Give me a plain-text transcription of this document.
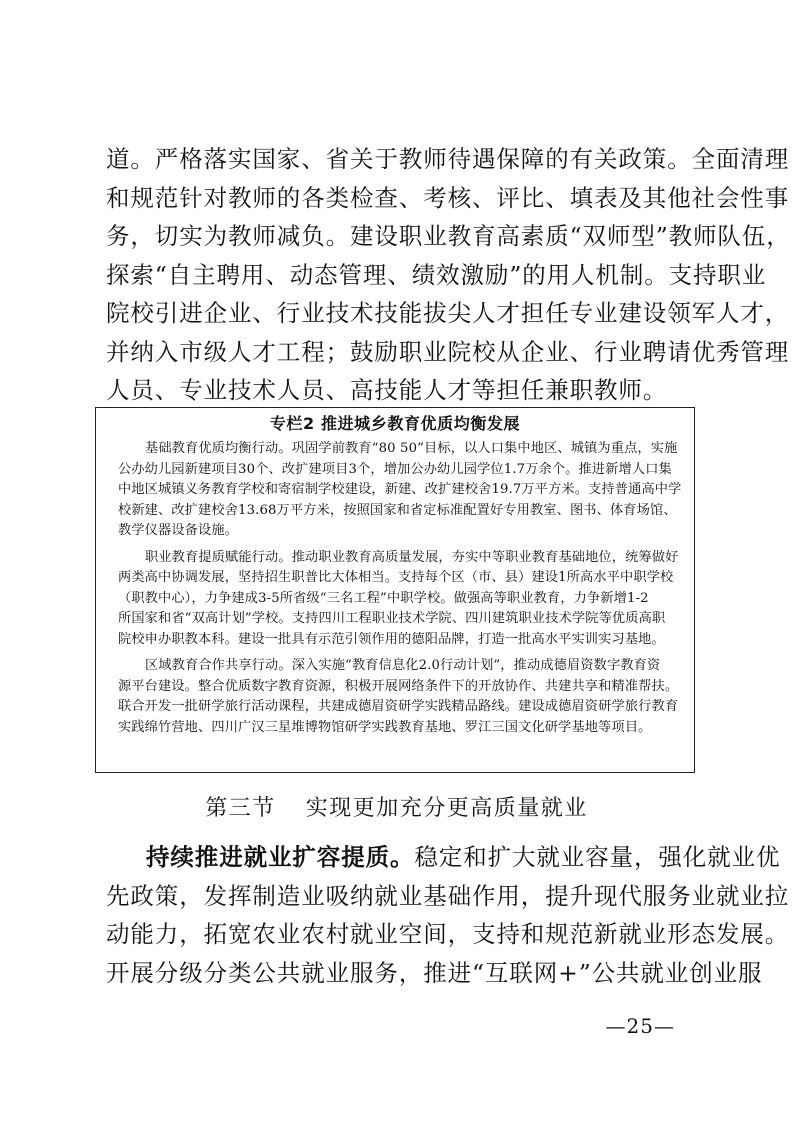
道。严格落实国家、省关于教师待遇保障的有关政策。全面清理
和规范针对教师的各类检查、考核、评比、填表及其他社会性事
务，切实为教师减负。建设职业教育高素质“双师型”教师队伍，
探索“自主聘用、动态管理、绩效激励”的用人机制。支持职业
院校引进企业、行业技术技能拔尖人才担任专业建设领军人才，
并纳入市级人才工程；鼓励职业院校从企业、行业聘请优秀管理
人员、专业技术人员、高技能人才等担任兼职教师。
专栏2 推进城乡教育优质均衡发展
基础教育优质均衡行动。巩固学前教育“80 50”目标，以人口集中地区、城镇为重点，实施
公办幼儿园新建项目30个、改扩建项目3个，增加公办幼儿园学位1.7万余个。推进新增人口集
中地区城镇义务教育学校和寄宿制学校建设，新建、改扩建校舍19.7万平方米。支持普通高中学
校新建、改扩建校舍13.68万平方米，按照国家和省定标准配置好专用教室、图书、体育场馆、
教学仪器设备设施。
职业教育提质赋能行动。推动职业教育高质量发展，夯实中等职业教育基础地位，统筹做好
两类高中协调发展，坚持招生职普比大体相当。支持每个区（市、县）建设1所高水平中职学校
（职教中心），力争建成3-5所省级“三名工程”中职学校。做强高等职业教育，力争新增1-2
所国家和省“双高计划”学校。支持四川工程职业技术学院、四川建筑职业技术学院等优质高职
院校申办职教本科。建设一批具有示范引领作用的德阳品牌，打造一批高水平实训实习基地。
区域教育合作共享行动。深入实施“教育信息化2.0行动计划”，推动成德眉资数字教育资
源平台建设。整合优质数字教育资源，积极开展网络条件下的开放协作、共建共享和精准帮扶。
联合开发一批研学旅行活动课程，共建成德眉资研学实践精品路线。建设成德眉资研学旅行教育
实践绵竹营地、四川广汉三星堆博物馆研学实践教育基地、罗江三国文化研学基地等项目。
第三节 实现更加充分更高质量就业
持续推进就业扩容提质。稳定和扩大就业容量，强化就业优
先政策，发挥制造业吸纳就业基础作用，提升现代服务业就业拉
动能力，拓宽农业农村就业空间，支持和规范新就业形态发展。
开展分级分类公共就业服务，推进“互联网+”公共就业创业服
—25—
